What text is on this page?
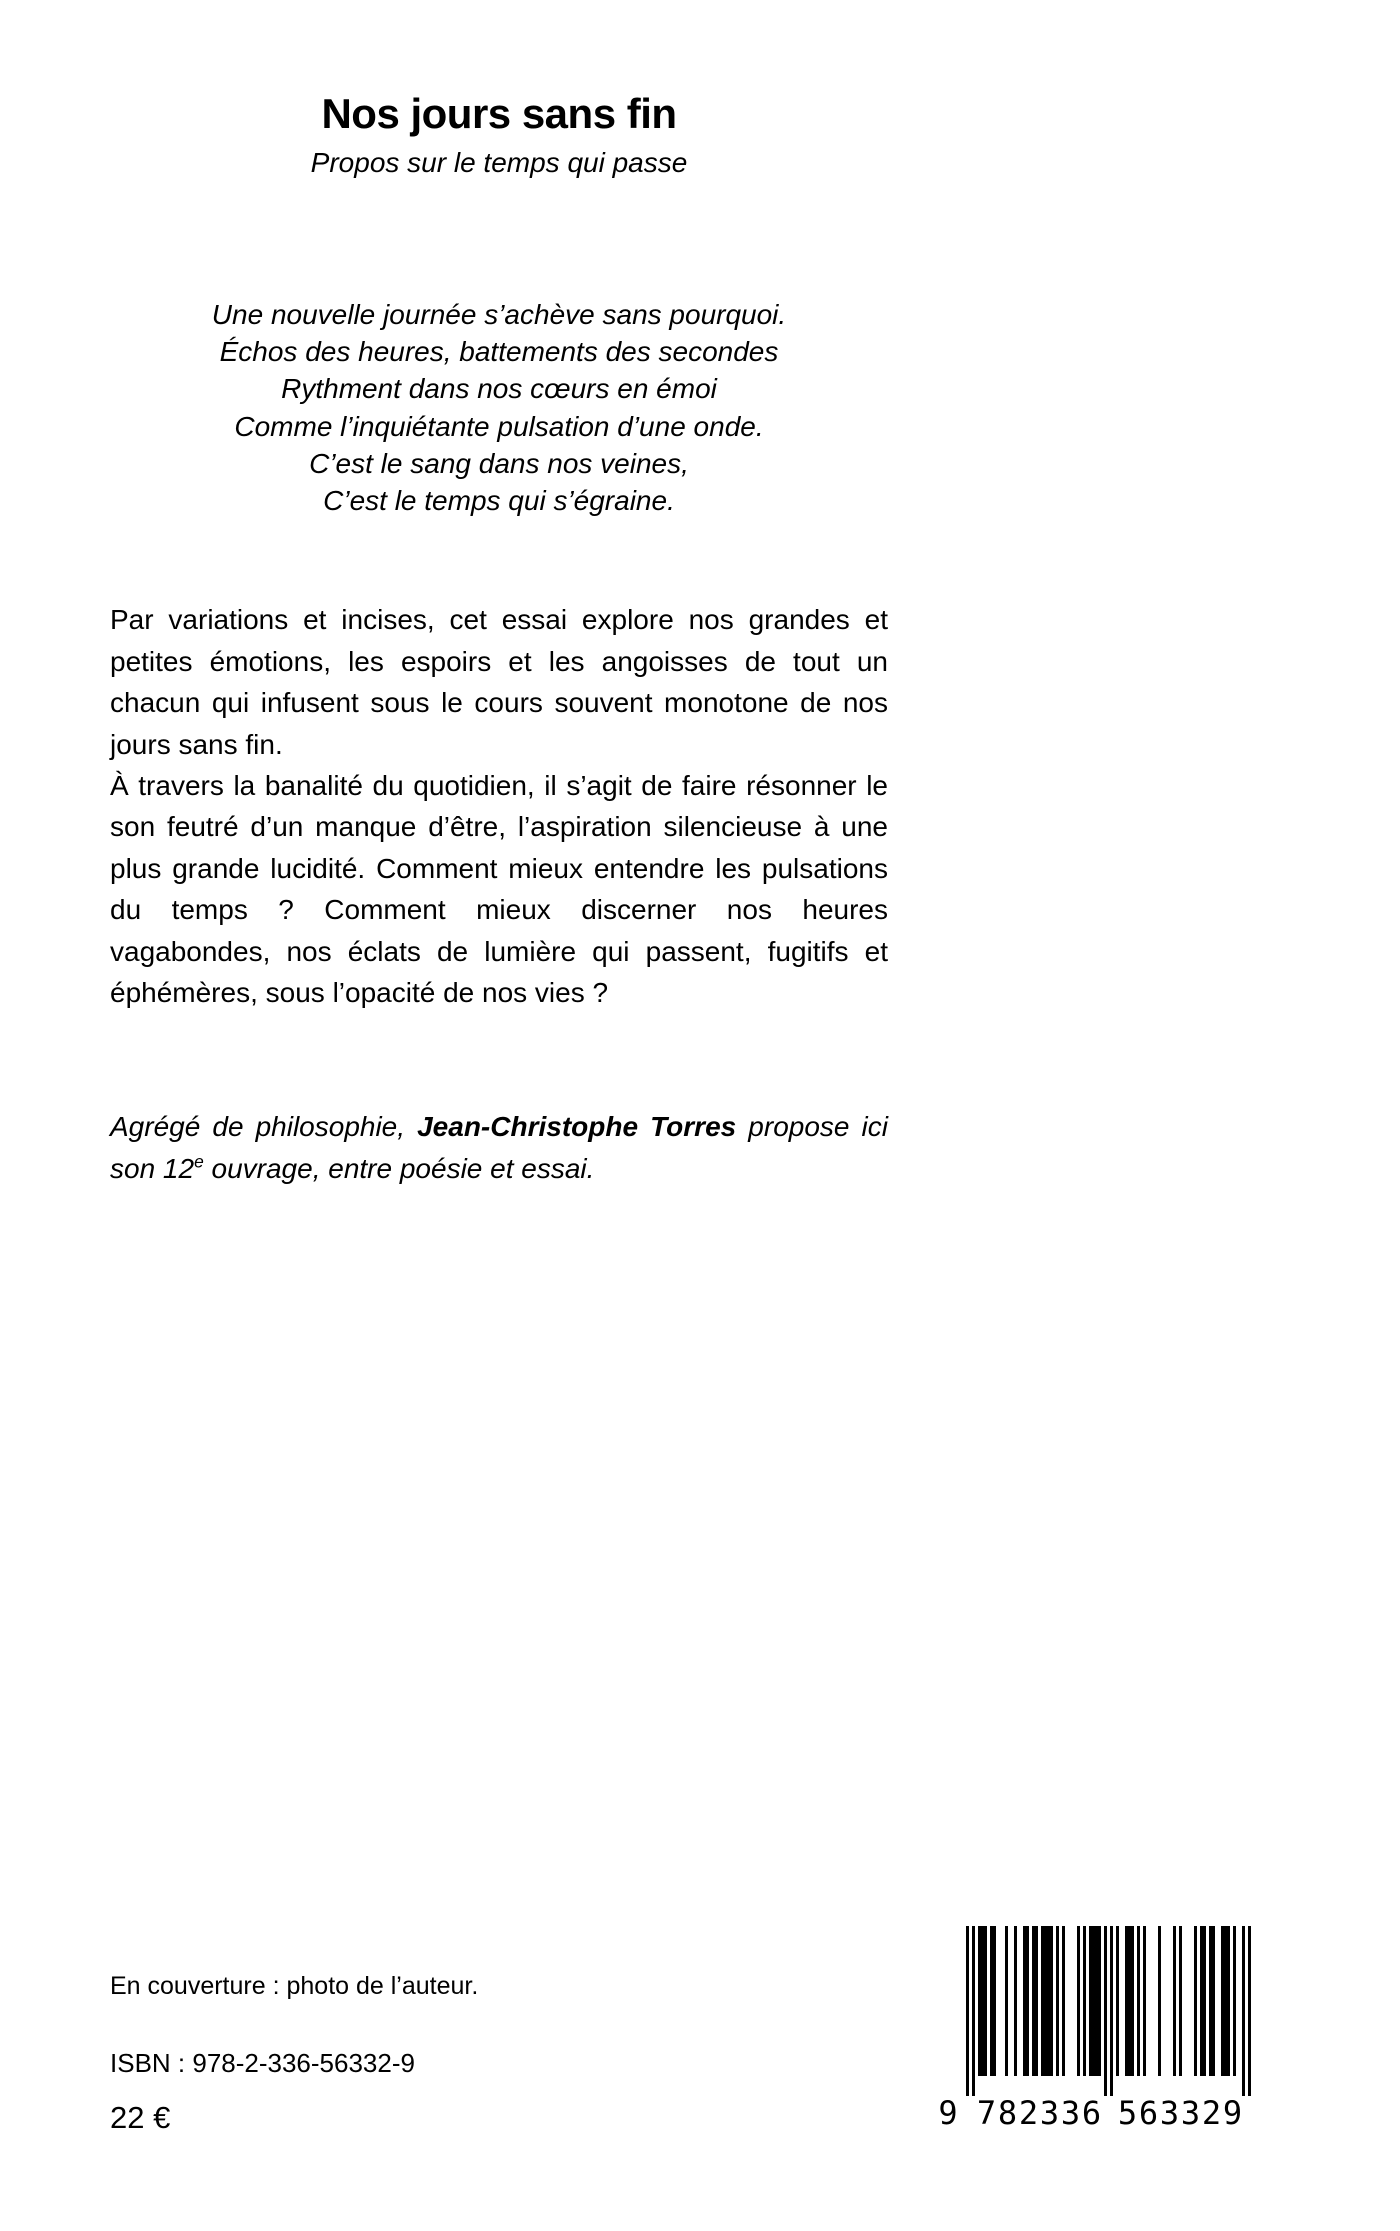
Nos jours sans fin
Propos sur le temps qui passe
Une nouvelle journée s’achève sans pourquoi.
Échos des heures, battements des secondes
Rythment dans nos cœurs en émoi
Comme l’inquiétante pulsation d’une onde.
C’est le sang dans nos veines,
C’est le temps qui s’égraine.

Par variations et incises, cet essai explore nos grandes et petites émotions, les espoirs et les angoisses de tout un chacun qui infusent sous le cours souvent monotone de nos jours sans fin.

À travers la banalité du quotidien, il s’agit de faire résonner le son feutré d’un manque d’être, l’aspiration silencieuse à une plus grande lucidité. Comment mieux entendre les pulsations du temps ? Comment mieux discerner nos heures vagabondes, nos éclats de lumière qui passent, fugitifs et éphémères, sous l’opacité de nos vies ?

Agrégé de philosophie, Jean-Christophe Torres propose ici son 12e ouvrage, entre poésie et essai.

En couverture : photo de l’auteur.
ISBN : 978-2-336-56332-9
22 €	9 7 8 2 3 3 6 5 6 3 3 2 9
